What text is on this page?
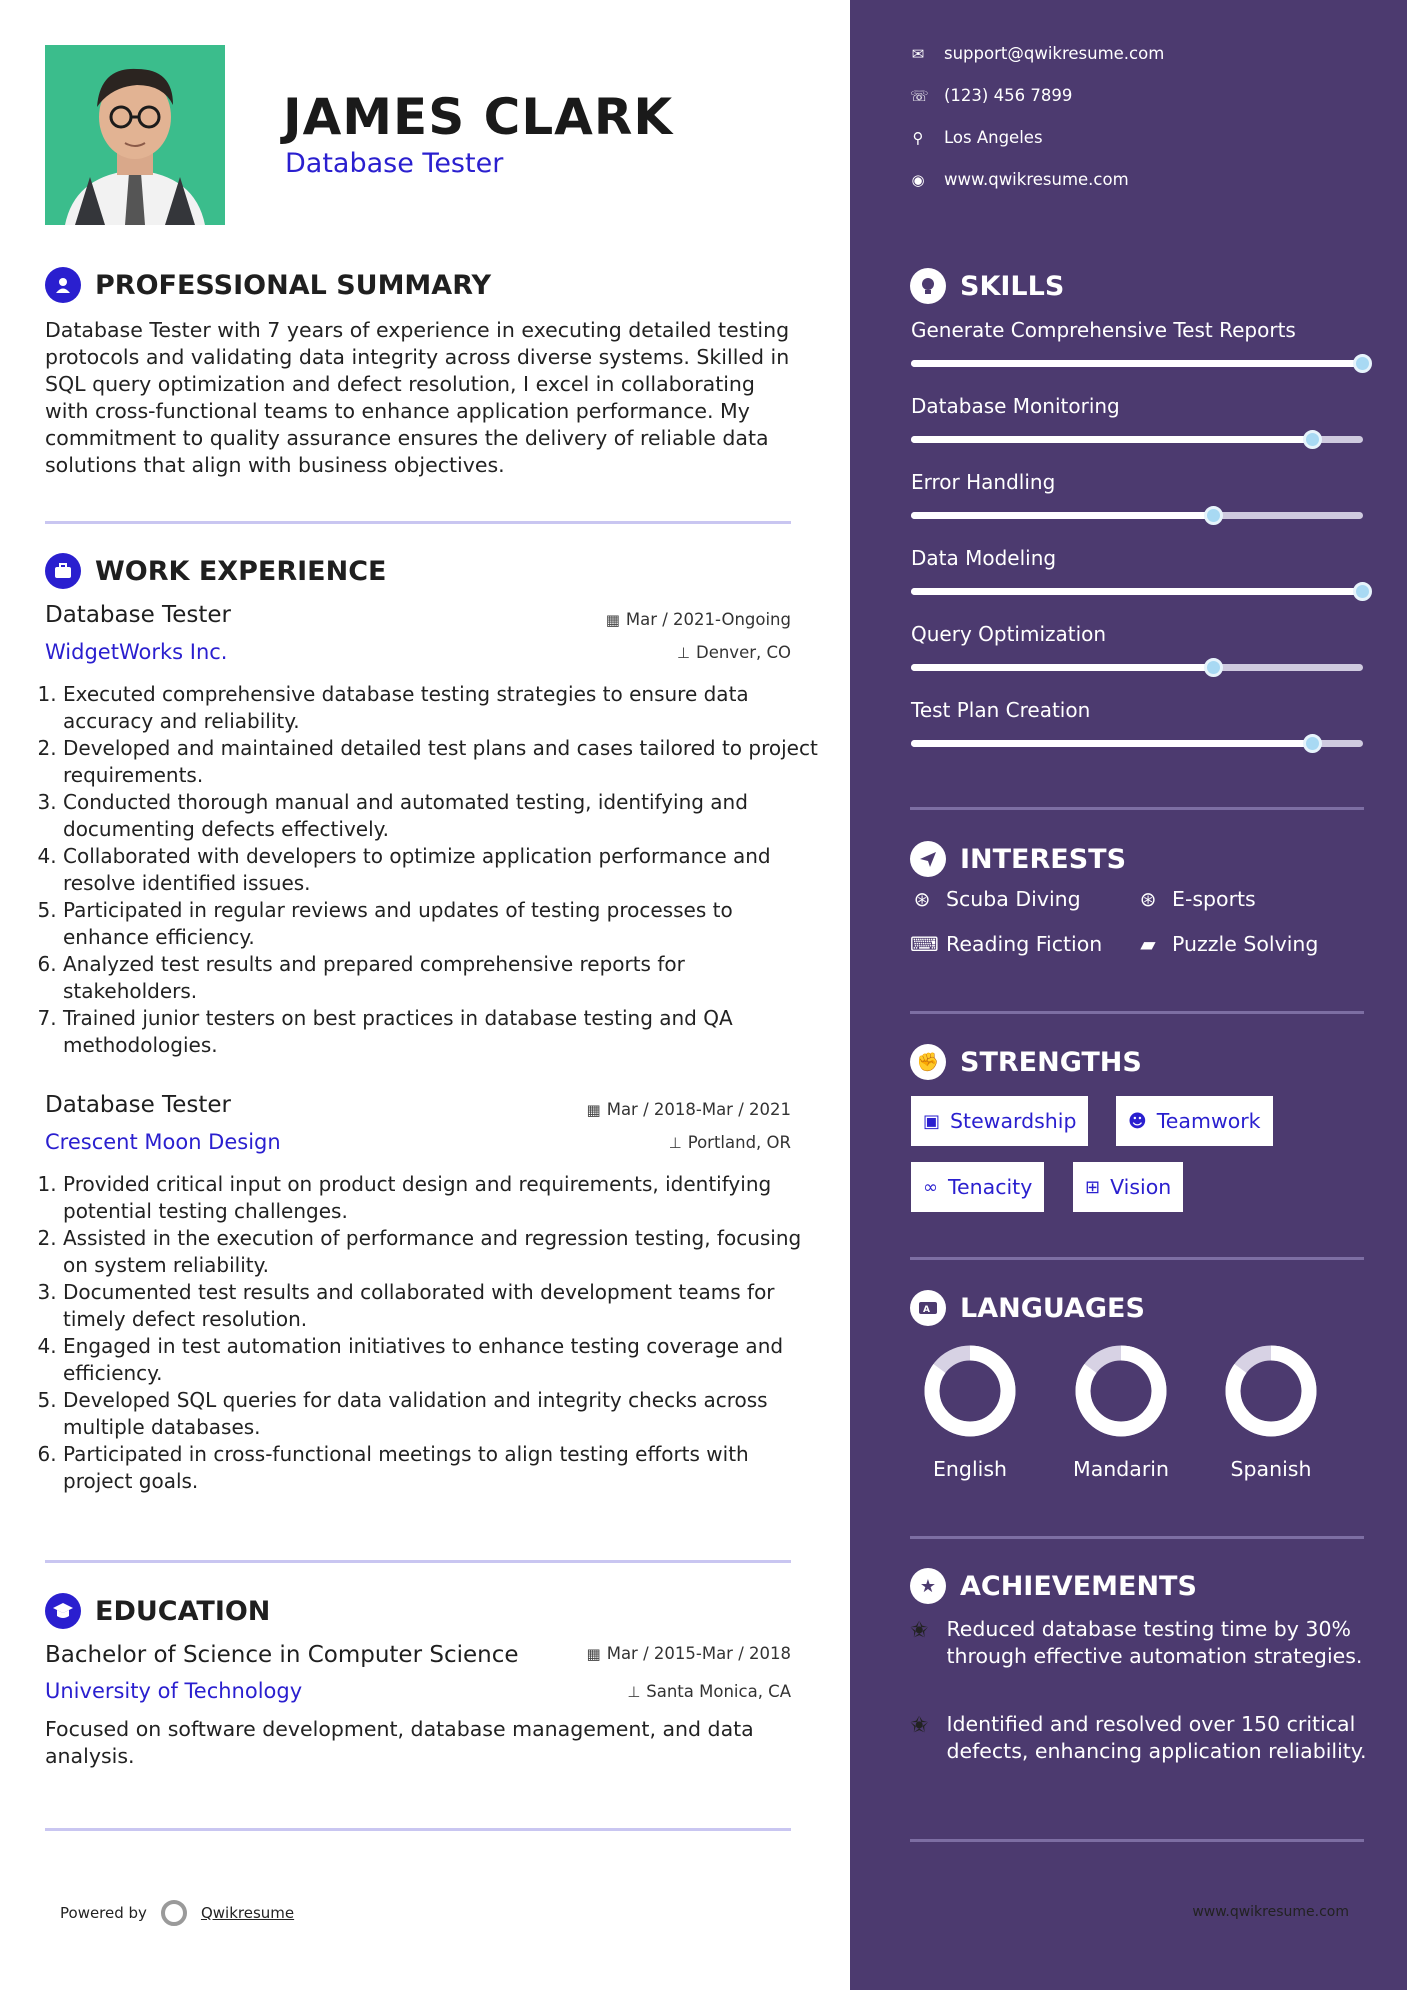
JAMES CLARK
Database Tester
PROFESSIONAL SUMMARY
Database Tester with 7 years of experience in executing detailed testing protocols and validating data integrity across diverse systems. Skilled in SQL query optimization and defect resolution, I excel in collaborating with cross-functional teams to enhance application performance. My commitment to quality assurance ensures the delivery of reliable data solutions that align with business objectives.
WORK EXPERIENCE
Database Tester	▦ Mar / 2021-Ongoing
WidgetWorks Inc.	⊥ Denver, CO
1. Executed comprehensive database testing strategies to ensure data accuracy and reliability.
2. Developed and maintained detailed test plans and cases tailored to project requirements.
3. Conducted thorough manual and automated testing, identifying and documenting defects effectively.
4. Collaborated with developers to optimize application performance and resolve identified issues.
5. Participated in regular reviews and updates of testing processes to enhance efficiency.
6. Analyzed test results and prepared comprehensive reports for stakeholders.
7. Trained junior testers on best practices in database testing and QA methodologies.
Database Tester	▦ Mar / 2018-Mar / 2021
Crescent Moon Design	⊥ Portland, OR
1. Provided critical input on product design and requirements, identifying potential testing challenges.
2. Assisted in the execution of performance and regression testing, focusing on system reliability.
3. Documented test results and collaborated with development teams for timely defect resolution.
4. Engaged in test automation initiatives to enhance testing coverage and efficiency.
5. Developed SQL queries for data validation and integrity checks across multiple databases.
6. Participated in cross-functional meetings to align testing efforts with project goals.
EDUCATION
Bachelor of Science in Computer Science	▦ Mar / 2015-Mar / 2018
University of Technology	⊥ Santa Monica, CA
Focused on software development, database management, and data analysis.
Powered by	Qwikresume
✉ support@qwikresume.com
☏ (123) 456 7899
⚲ Los Angeles
◉ www.qwikresume.com
SKILLS
Generate Comprehensive Test Reports
Database Monitoring
Error Handling
Data Modeling
Query Optimization
Test Plan Creation
INTERESTS
⊛ Scuba Diving	⊛ E-sports
⌨ Reading Fiction ▰ Puzzle Solving
✊ STRENGTHS
▣ Stewardship	☻ Teamwork
∞ Tenacity	⊞ Vision
A LANGUAGES
English	Mandarin	Spanish
★ ACHIEVEMENTS
✬ Reduced database testing time by 30% through effective automation strategies.
✬ Identified and resolved over 150 critical defects, enhancing application reliability.
www.qwikresume.com
